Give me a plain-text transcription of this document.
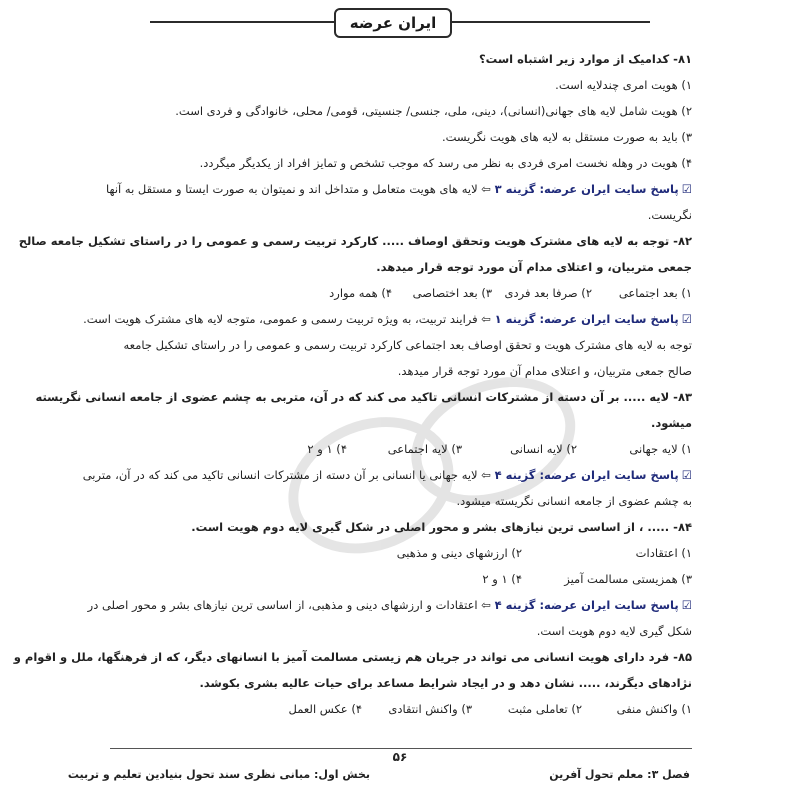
ایران عرضه
۸۱- کدامیک از موارد زیر اشتباه است؟
۱) هویت امری چندلایه است.
۲) هویت شامل لایه های جهانی(انسانی)، دینی، ملی، جنسی/ جنسیتی، قومی/ محلی، خانوادگی و فردی است.
۳) باید به صورت مستقل به لایه های هویت نگریست.
۴) هویت در وهله نخست امری فردی به نظر می رسد که موجب تشخص و تمایز افراد از یکدیگر میگردد.
☑پاسخ سایت ایران عرضه: گزینه ۳ ⇦ لایه های هویت متعامل و متداخل اند و نمیتوان به صورت ایستا و مستقل به آنها
نگریست.
۸۲- توجه به لایه های مشترک هویت وتحقق اوصاف ..... کارکرد تربیت رسمی و عمومی را در راستای تشکیل جامعه صالح
جمعی متربیان، و اعتلای مدام آن مورد توجه قرار میدهد.
۱) بعد اجتماعی
۲) صرفا بعد فردی
۳) بعد اختصاصی
۴) همه موارد
☑پاسخ سایت ایران عرضه: گزینه ۱ ⇦ فرایند تربیت، به ویژه تربیت رسمی و عمومی، متوجه لایه های مشترک هویت است.
توجه به لایه های مشترک هویت و تحقق اوصاف بعد اجتماعی کارکرد تربیت رسمی و عمومی را در راستای تشکیل جامعه
صالح جمعی متربیان، و اعتلای مدام آن مورد توجه قرار میدهد.
۸۳- لایه ..... بر آن دسته از مشترکات انسانی تاکید می کند که در آن، متربی به چشم عضوی از جامعه انسانی نگریسته
میشود.
۱) لایه جهانی
۲) لایه انسانی
۳) لایه اجتماعی
۴) ۱ و ۲
☑پاسخ سایت ایران عرضه: گزینه ۴ ⇦ لایه جهانی یا انسانی بر آن دسته از مشترکات انسانی تاکید می کند که در آن، متربی
به چشم عضوی از جامعه انسانی نگریسته میشود.
۸۴- ..... ، از اساسی ترین نیازهای بشر و محور اصلی در شکل گیری لایه دوم هویت است.
۱) اعتقادات
۲) ارزشهای دینی و مذهبی
۳) همزیستی مسالمت آمیز
۴) ۱ و ۲
☑پاسخ سایت ایران عرضه: گزینه ۴ ⇦ اعتقادات و ارزشهای دینی و مذهبی، از اساسی ترین نیازهای بشر و محور اصلی در
شکل گیری لایه دوم هویت است.
۸۵- فرد دارای هویت انسانی می تواند در جریان هم زیستی مسالمت آمیز با انسانهای دیگر، که از فرهنگها، ملل و اقوام و
نژادهای دیگرند، ..... نشان دهد و در ایجاد شرایط مساعد برای حیات عالیه بشری بکوشد.
۱) واکنش منفی
۲) تعاملی مثبت
۳) واکنش انتقادی
۴) عکس العمل
۵۶
فصل ۳: معلم تحول آفرین
بخش اول: مبانی نظری سند تحول بنیادین تعلیم و تربیت
